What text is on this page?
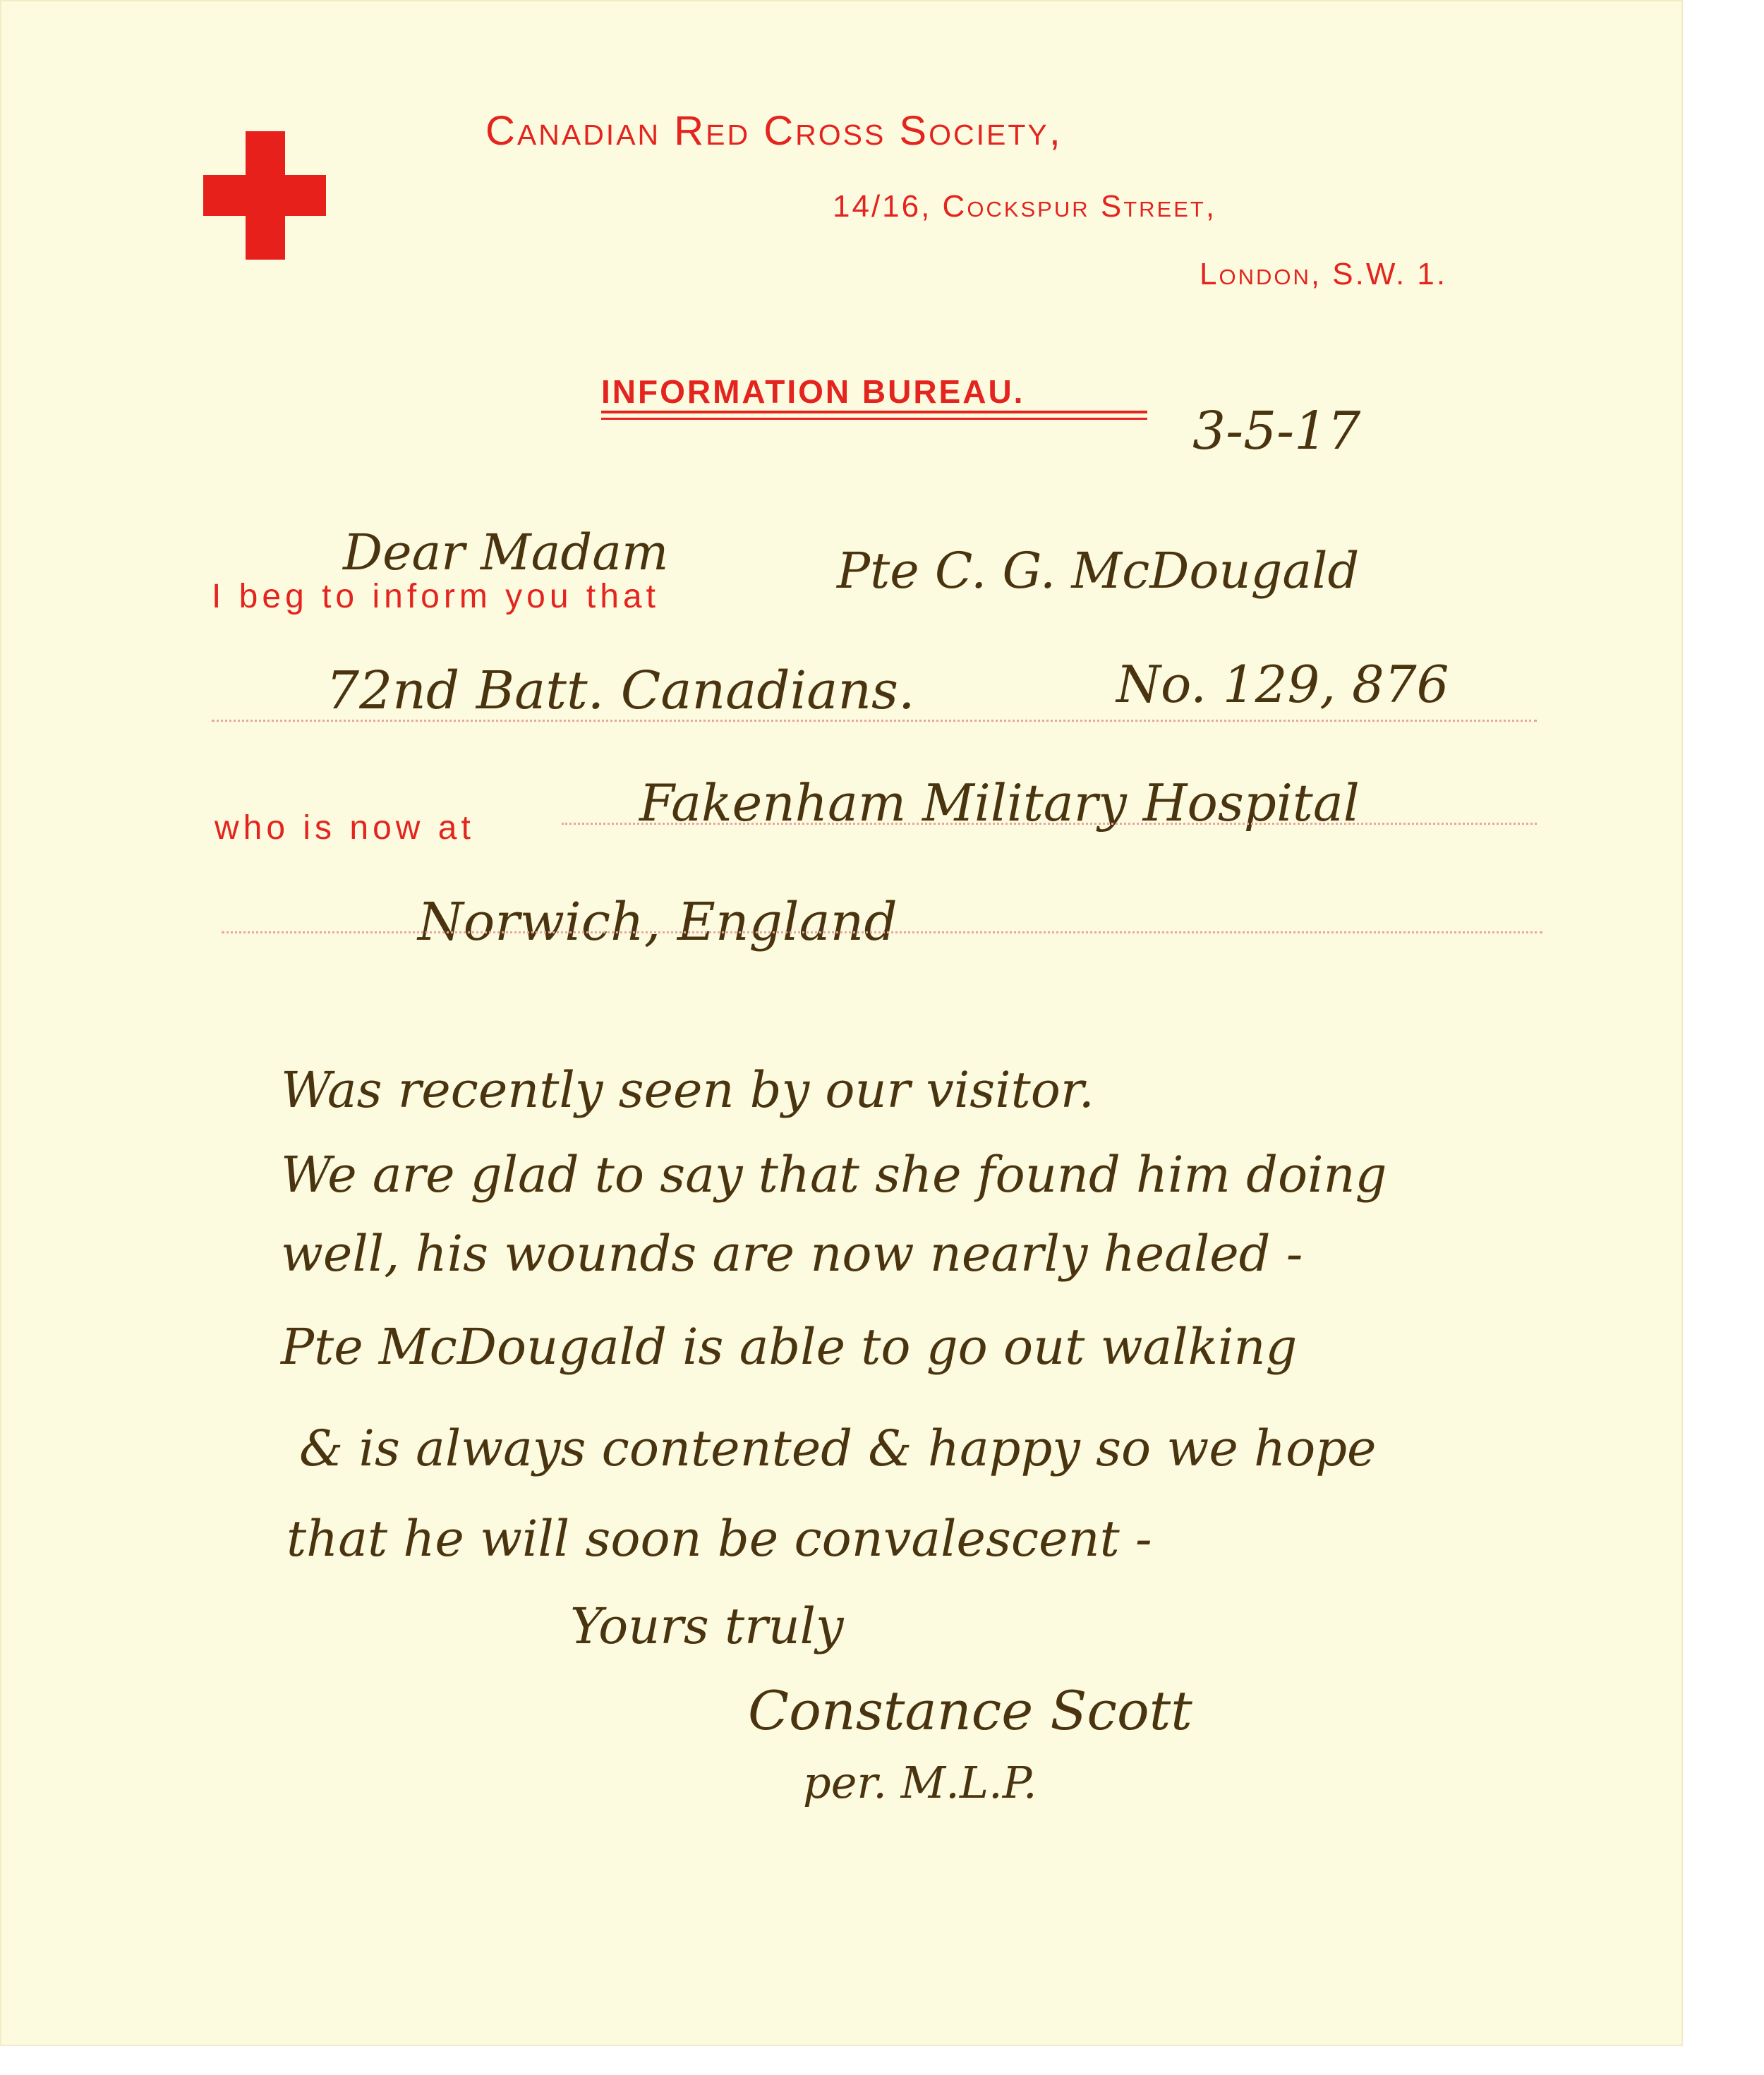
Canadian Red Cross Society,
14/16, Cockspur Street,
London, S.W. 1.
INFORMATION BUREAU.
3-5-17
Dear Madam
I beg to inform you that	Pte C. G. McDougald
72nd Batt. Canadians.	No. 129, 876
who is now at	Fakenham Military Hospital
Norwich, England
Was recently seen by our visitor.
We are glad to say that she found him doing
well, his wounds are now nearly healed -
Pte McDougald is able to go out walking
& is always contented & happy so we hope
that he will soon be convalescent -
Yours truly
Constance Scott
per. M.L.P.
